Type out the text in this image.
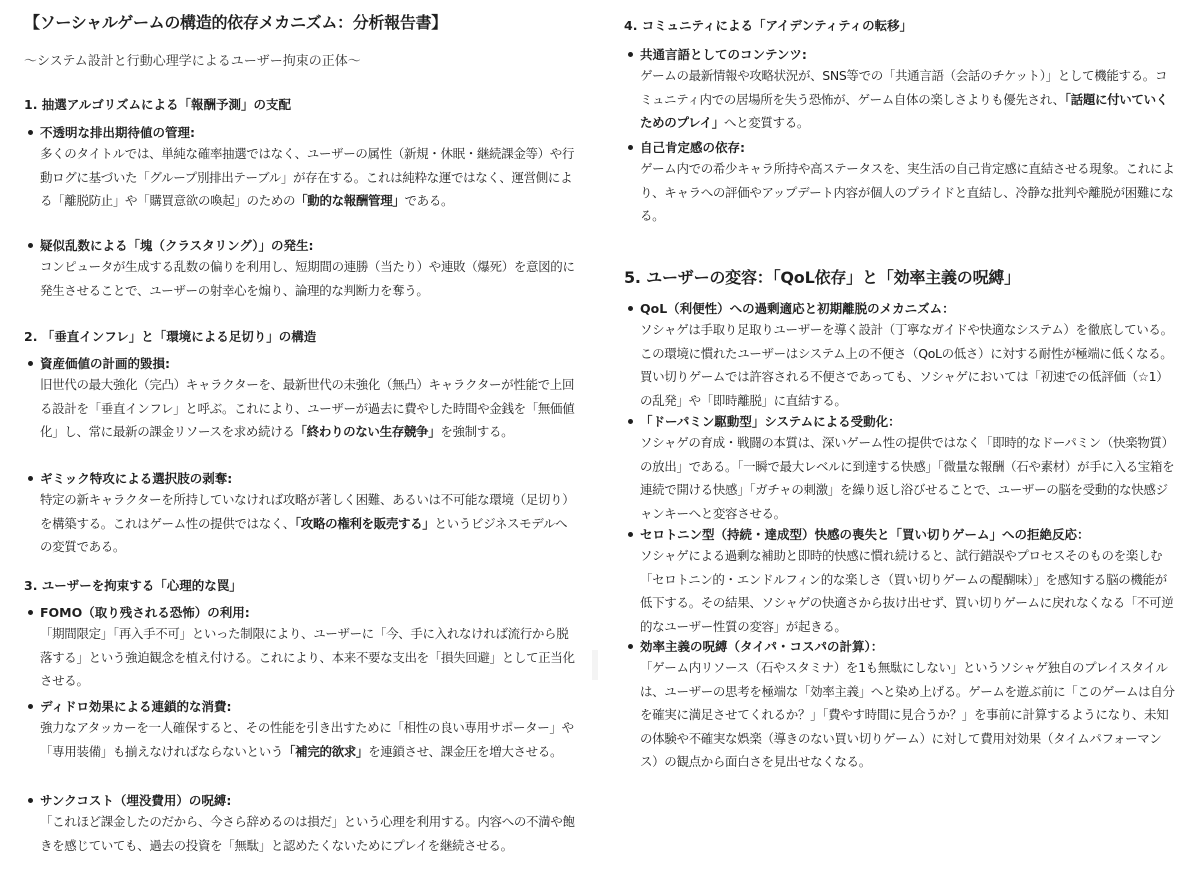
【ソーシャルゲームの構造的依存メカニズム：分析報告書】
〜システム設計と行動心理学によるユーザー拘束の正体〜
1. 抽選アルゴリズムによる「報酬予測」の支配
不透明な排出期待値の管理:
多くのタイトルでは、単純な確率抽選ではなく、ユーザーの属性（新規・休眠・継続課金等）や行動ログに基づいた「グループ別排出テーブル」が存在する。これは純粋な運ではなく、運営側による「離脱防止」や「購買意欲の喚起」のための「動的な報酬管理」である。
疑似乱数による「塊（クラスタリング）」の発生:
コンピュータが生成する乱数の偏りを利用し、短期間の連勝（当たり）や連敗（爆死）を意図的に発生させることで、ユーザーの射幸心を煽り、論理的な判断力を奪う。
2. 「垂直インフレ」と「環境による足切り」の構造
資産価値の計画的毀損:
旧世代の最大強化（完凸）キャラクターを、最新世代の未強化（無凸）キャラクターが性能で上回る設計を「垂直インフレ」と呼ぶ。これにより、ユーザーが過去に費やした時間や金銭を「無価値化」し、常に最新の課金リソースを求め続ける「終わりのない生存競争」を強制する。
ギミック特攻による選択肢の剥奪:
特定の新キャラクターを所持していなければ攻略が著しく困難、あるいは不可能な環境（足切り）を構築する。これはゲーム性の提供ではなく、「攻略の権利を販売する」というビジネスモデルへの変質である。
3. ユーザーを拘束する「心理的な罠」
FOMO（取り残される恐怖）の利用:
「期間限定」「再入手不可」といった制限により、ユーザーに「今、手に入れなければ流行から脱落する」という強迫観念を植え付ける。これにより、本来不要な支出を「損失回避」として正当化させる。
ディドロ効果による連鎖的な消費:
強力なアタッカーを一人確保すると、その性能を引き出すために「相性の良い専用サポーター」や「専用装備」も揃えなければならないという「補完的欲求」を連鎖させ、課金圧を増大させる。
サンクコスト（埋没費用）の呪縛:
「これほど課金したのだから、今さら辞めるのは損だ」という心理を利用する。内容への不満や飽きを感じていても、過去の投資を「無駄」と認めたくないためにプレイを継続させる。
4. コミュニティによる「アイデンティティの転移」
共通言語としてのコンテンツ:
ゲームの最新情報や攻略状況が、SNS等での「共通言語（会話のチケット）」として機能する。コミュニティ内での居場所を失う恐怖が、ゲーム自体の楽しさよりも優先され、「話題に付いていくためのプレイ」へと変質する。
自己肯定感の依存:
ゲーム内での希少キャラ所持や高ステータスを、実生活の自己肯定感に直結させる現象。これにより、キャラへの評価やアップデート内容が個人のプライドと直結し、冷静な批判や離脱が困難になる。
5. ユーザーの変容：「QoL依存」と「効率主義の呪縛」
QoL（利便性）への過剰適応と初期離脱のメカニズム：
ソシャゲは手取り足取りユーザーを導く設計（丁寧なガイドや快適なシステム）を徹底している。この環境に慣れたユーザーはシステム上の不便さ（QoLの低さ）に対する耐性が極端に低くなる。買い切りゲームでは許容される不便さであっても、ソシャゲにおいては「初速での低評価（☆1）の乱発」や「即時離脱」に直結する。
「ドーパミン駆動型」システムによる受動化：
ソシャゲの育成・戦闘の本質は、深いゲーム性の提供ではなく「即時的なドーパミン（快楽物質）の放出」である。「一瞬で最大レベルに到達する快感」「微量な報酬（石や素材）が手に入る宝箱を連続で開ける快感」「ガチャの刺激」を繰り返し浴びせることで、ユーザーの脳を受動的な快感ジャンキーへと変容させる。
セロトニン型（持続・達成型）快感の喪失と「買い切りゲーム」への拒絶反応：
ソシャゲによる過剰な補助と即時的快感に慣れ続けると、試行錯誤やプロセスそのものを楽しむ「セロトニン的・エンドルフィン的な楽しさ（買い切りゲームの醍醐味）」を感知する脳の機能が低下する。その結果、ソシャゲの快適さから抜け出せず、買い切りゲームに戻れなくなる「不可逆的なユーザー性質の変容」が起きる。
効率主義の呪縛（タイパ・コスパの計算）：
「ゲーム内リソース（石やスタミナ）を1も無駄にしない」というソシャゲ独自のプレイスタイルは、ユーザーの思考を極端な「効率主義」へと染め上げる。ゲームを遊ぶ前に「このゲームは自分を確実に満足させてくれるか？」「費やす時間に見合うか？」を事前に計算するようになり、未知の体験や不確実な娯楽（導きのない買い切りゲーム）に対して費用対効果（タイムパフォーマンス）の観点から面白さを見出せなくなる。
